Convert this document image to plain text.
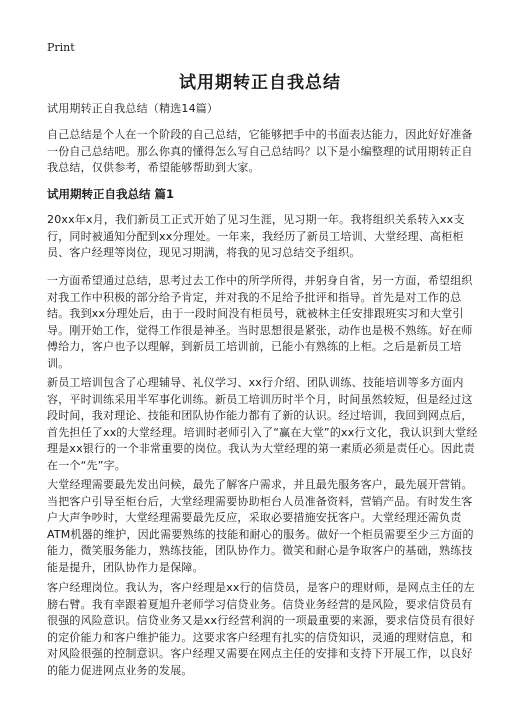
Print
试用期转正自我总结

试用期转正自我总结（精选14篇）

自己总结是个人在一个阶段的自己总结，它能够把手中的书面表达能力，因此好好准备一份自己总结吧。那么你真的懂得怎么写自己总结吗？以下是小编整理的试用期转正自我总结，仅供参考，希望能够帮助到大家。

试用期转正自我总结 篇1

20xx年x月，我们新员工正式开始了见习生涯，见习期一年。我将组织关系转入xx支行，同时被通知分配到xx分理处。一年来，我经历了新员工培训、大堂经理、高柜柜员、客户经理等岗位，现见习期满，将我的见习总结交予组织。

一方面希望通过总结，思考过去工作中的所学所得，并躬身自省，另一方面，希望组织对我工作中积极的部分给予肯定，并对我的不足给予批评和指导。首先是对工作的总结。我到xx分理处后，由于一段时间没有柜员号，就被林主任安排跟班实习和大堂引导。刚开始工作，觉得工作很是神圣。当时思想很是紧张，动作也是极不熟练。好在师傅给力，客户也予以理解，到新员工培训前，已能小有熟练的上柜。之后是新员工培训。

新员工培训包含了心理辅导、礼仪学习、xx行介绍、团队训练、技能培训等多方面内容，平时训练采用半军事化训练。新员工培训历时半个月，时间虽然较短，但是经过这段时间，我对理论、技能和团队协作能力都有了新的认识。经过培训，我回到网点后，首先担任了xx的大堂经理。培训时老师引入了“赢在大堂”的xx行文化，我认识到大堂经理是xx银行的一个非常重要的岗位。我认为大堂经理的第一素质必须是责任心。因此责在一个“先”字。

大堂经理需要最先发出问候，最先了解客户需求，并且最先服务客户，最先展开营销。当把客户引导至柜台后，大堂经理需要协助柜台人员准备资料，营销产品。有时发生客户大声争吵时，大堂经理需要最先反应，采取必要措施安抚客户。大堂经理还需负责ATM机器的维护，因此需要熟练的技能和耐心的服务。做好一个柜员需要至少三方面的能力，微笑服务能力，熟练技能，团队协作力。微笑和耐心是争取客户的基础，熟练技能是提升，团队协作力是保障。

客户经理岗位。我认为，客户经理是xx行的信贷员，是客户的理财师，是网点主任的左膀右臂。我有幸跟着夏旭升老师学习信贷业务。信贷业务经营的是风险，要求信贷员有很强的风险意识。信贷业务又是xx行经营利润的一项最重要的来源，要求信贷员有很好的定价能力和客户维护能力。这要求客户经理有扎实的信贷知识，灵通的理财信息，和对风险很强的控制意识。客户经理又需要在网点主任的安排和支持下开展工作，以良好的能力促进网点业务的发展。
